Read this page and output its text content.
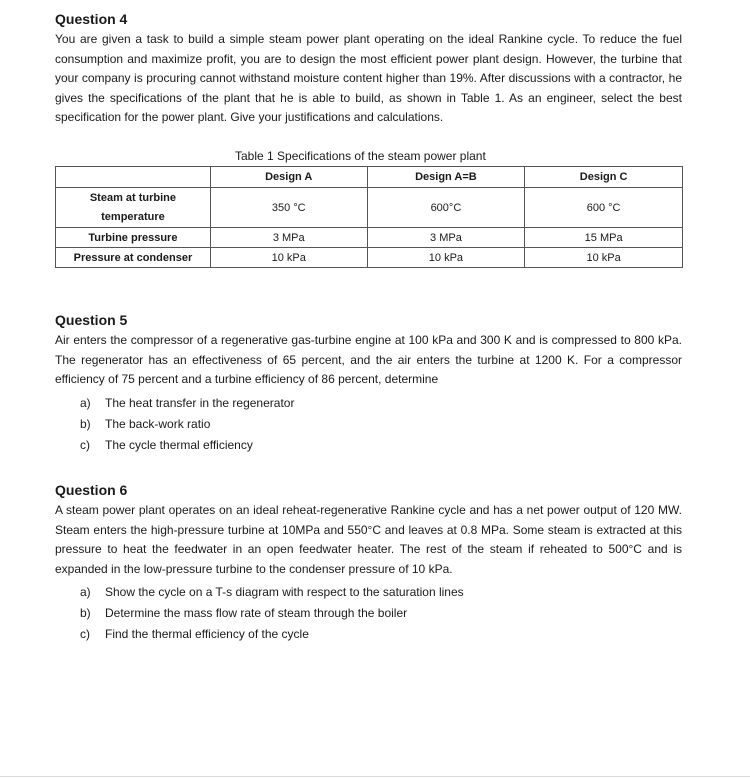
Question 4
You are given a task to build a simple steam power plant operating on the ideal Rankine cycle. To reduce the fuel consumption and maximize profit, you are to design the most efficient power plant design. However, the turbine that your company is procuring cannot withstand moisture content higher than 19%. After discussions with a contractor, he gives the specifications of the plant that he is able to build, as shown in Table 1. As an engineer, select the best specification for the power plant. Give your justifications and calculations.
Table 1 Specifications of the steam power plant
	Design A	Design A=B	Design C
Steam at turbine temperature	350 °C	600°C	600 °C
Turbine pressure	3 MPa	3 MPa	15 MPa
Pressure at condenser	10 kPa	10 kPa	10 kPa
Question 5
Air enters the compressor of a regenerative gas-turbine engine at 100 kPa and 300 K and is compressed to 800 kPa. The regenerator has an effectiveness of 65 percent, and the air enters the turbine at 1200 K. For a compressor efficiency of 75 percent and a turbine efficiency of 86 percent, determine
a) The heat transfer in the regenerator
b) The back-work ratio
c) The cycle thermal efficiency
Question 6
A steam power plant operates on an ideal reheat-regenerative Rankine cycle and has a net power output of 120 MW. Steam enters the high-pressure turbine at 10MPa and 550°C and leaves at 0.8 MPa. Some steam is extracted at this pressure to heat the feedwater in an open feedwater heater. The rest of the steam if reheated to 500°C and is expanded in the low-pressure turbine to the condenser pressure of 10 kPa.
a) Show the cycle on a T-s diagram with respect to the saturation lines
b) Determine the mass flow rate of steam through the boiler
c) Find the thermal efficiency of the cycle
